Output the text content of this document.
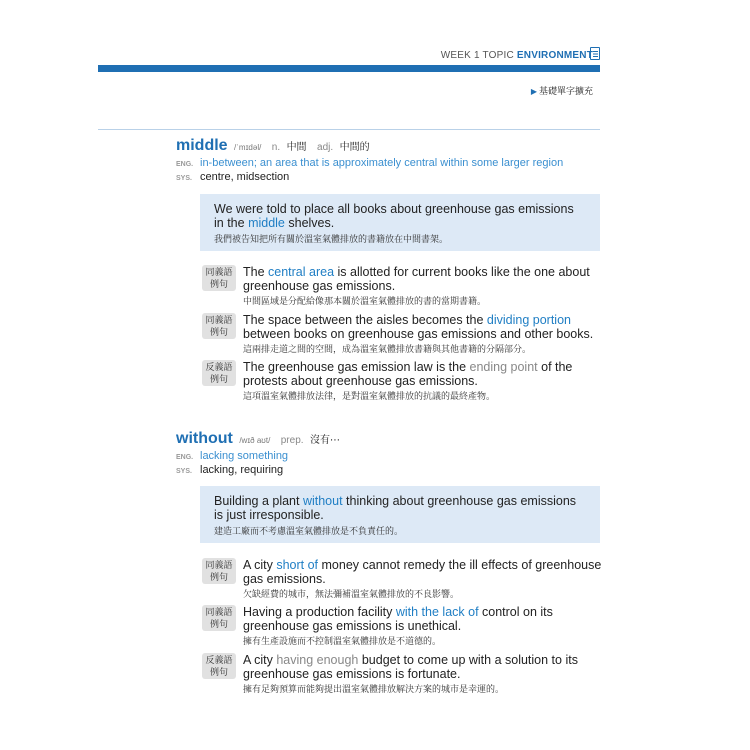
WEEK 1 TOPIC ENVIRONMENT
▶ 基礎單字擴充
middle /ˈmɪdəl/ n. 中間 adj. 中間的
ENG. in-between; an area that is approximately central within some larger region
SYS. centre, midsection
We were told to place all books about greenhouse gas emissions in the middle shelves.
我們被告知把所有關於溫室氣體排放的書籍放在中間書架。
同義語
例句
The central area is allotted for current books like the one about greenhouse gas emissions.
中間區域是分配給像那本關於溫室氣體排放的書的當期書籍。
同義語
例句
The space between the aisles becomes the dividing portion between books on greenhouse gas emissions and other books.
這兩排走道之間的空間，成為溫室氣體排放書籍與其他書籍的分隔部分。
反義語
例句
The greenhouse gas emission law is the ending point of the protests about greenhouse gas emissions.
這項溫室氣體排放法律，是對溫室氣體排放的抗議的最終產物。
without /wɪð aʊt/ prep. 沒有⋯
ENG. lacking something
SYS. lacking, requiring
Building a plant without thinking about greenhouse gas emissions is just irresponsible.
建造工廠而不考慮溫室氣體排放是不負責任的。
同義語
例句
A city short of money cannot remedy the ill effects of greenhouse gas emissions.
欠缺經費的城市，無法彌補溫室氣體排放的不良影響。
同義語
例句
Having a production facility with the lack of control on its greenhouse gas emissions is unethical.
擁有生產設施而不控制溫室氣體排放是不道德的。
反義語
例句
A city having enough budget to come up with a solution to its greenhouse gas emissions is fortunate.
擁有足夠預算而能夠提出溫室氣體排放解決方案的城市是幸運的。
